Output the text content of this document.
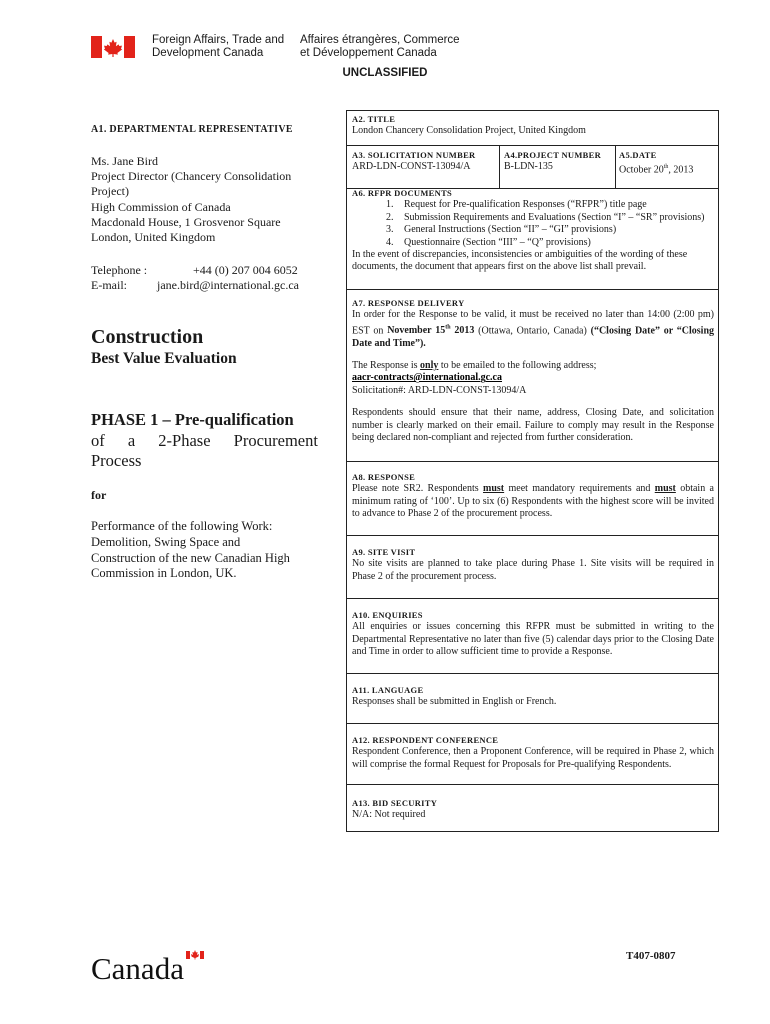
Foreign Affairs, Trade and
Development Canada
Affaires étrangères, Commerce
et Développement Canada
UNCLASSIFIED
A1. DEPARTMENTAL REPRESENTATIVE
Ms. Jane Bird
Project Director (Chancery Consolidation
Project)
High Commission of Canada
Macdonald House, 1 Grosvenor Square
London, United Kingdom
Telephone :	+44 (0) 207 004 6052
E-mail:	jane.bird@international.gc.ca
Construction
Best Value Evaluation
PHASE 1 – Pre-qualification
of a 2-Phase Procurement
Process
for
Performance of the following Work:
Demolition, Swing Space and
Construction of the new Canadian High
Commission in London, UK.
A2. TITLE
London Chancery Consolidation Project, United Kingdom
A3. SOLICITATION NUMBER
ARD-LDN-CONST-13094/A
A4.PROJECT NUMBER
B-LDN-135
A5.DATE
October 20th, 2013
A6. RFPR DOCUMENTS
1. Request for Pre-qualification Responses (“RFPR”) title page
2. Submission Requirements and Evaluations (Section “I” – “SR” provisions)
3. General Instructions (Section “II” – “GI” provisions)
4. Questionnaire (Section “III” – “Q” provisions)

In the event of discrepancies, inconsistencies or ambiguities of the wording of these documents, the document that appears first on the above list shall prevail.

A7. RESPONSE DELIVERY

In order for the Response to be valid, it must be received no later than 14:00 (2:00 pm) EST on November 15th 2013 (Ottawa, Ontario, Canada) (“Closing Date” or “Closing Date and Time”).

The Response is only to be emailed to the following address;

aacr-contracts@international.gc.ca

Solicitation#: ARD-LDN-CONST-13094/A

Respondents should ensure that their name, address, Closing Date, and solicitation number is clearly marked on their email. Failure to comply may result in the Response being declared non-compliant and rejected from further consideration.

A8. RESPONSE

Please note SR2. Respondents must meet mandatory requirements and must obtain a minimum rating of ‘100’. Up to six (6) Respondents with the highest score will be invited to advance to Phase 2 of the procurement process.

A9. SITE VISIT

No site visits are planned to take place during Phase 1. Site visits will be required in Phase 2 of the procurement process.

A10. ENQUIRIES

All enquiries or issues concerning this RFPR must be submitted in writing to the Departmental Representative no later than five (5) calendar days prior to the Closing Date and Time in order to allow sufficient time to provide a Response.

A11. LANGUAGE

Responses shall be submitted in English or French.

A12. RESPONDENT CONFERENCE

Respondent Conference, then a Proponent Conference, will be required in Phase 2, which will comprise the formal Request for Proposals for Pre-qualifying Respondents.

A13. BID SECURITY

N/A: Not required

Canada	T407-0807
